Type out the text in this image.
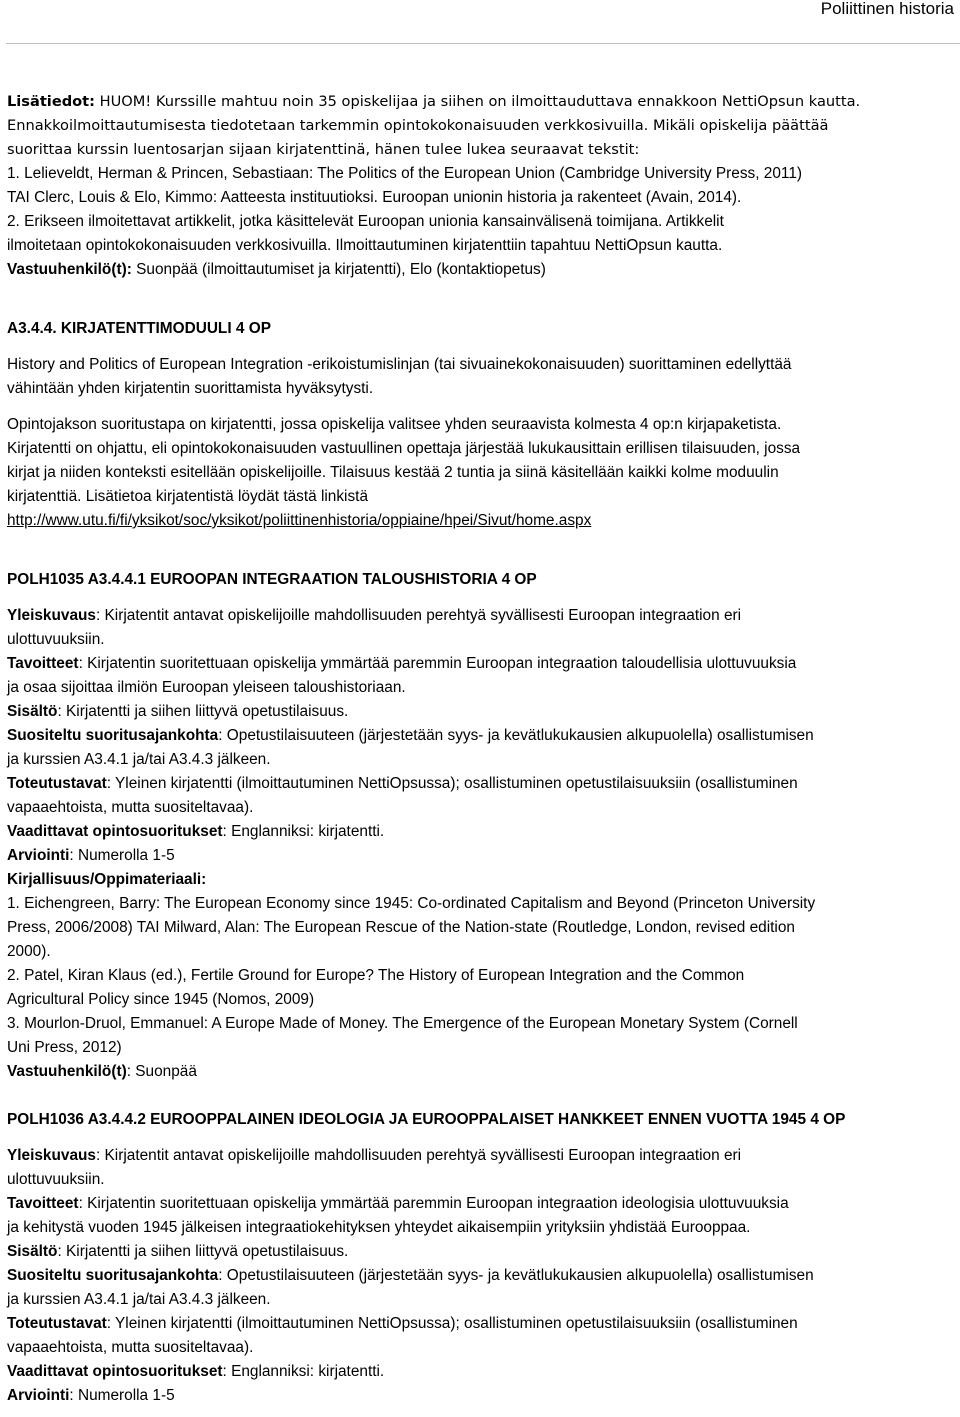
Poliittinen historia

Lisätiedot: HUOM! Kurssille mahtuu noin 35 opiskelijaa ja siihen on ilmoittauduttava ennakkoon NettiOpsun kautta.

Ennakkoilmoittautumisesta tiedotetaan tarkemmin opintokokonaisuuden verkkosivuilla. Mikäli opiskelija päättää

suorittaa kurssin luentosarjan sijaan kirjatenttinä, hänen tulee lukea seuraavat tekstit:

1. Lelieveldt, Herman & Princen, Sebastiaan: The Politics of the European Union (Cambridge University Press, 2011)

TAI Clerc, Louis & Elo, Kimmo: Aatteesta instituutioksi. Euroopan unionin historia ja rakenteet (Avain, 2014).

2. Erikseen ilmoitettavat artikkelit, jotka käsittelevät Euroopan unionia kansainvälisenä toimijana. Artikkelit

ilmoitetaan opintokokonaisuuden verkkosivuilla. Ilmoittautuminen kirjatenttiin tapahtuu NettiOpsun kautta.

Vastuuhenkilö(t): Suonpää (ilmoittautumiset ja kirjatentti), Elo (kontaktiopetus)

A3.4.4. KIRJATENTTIMODUULI 4 OP

History and Politics of European Integration -erikoistumislinjan (tai sivuainekokonaisuuden) suorittaminen edellyttää

vähintään yhden kirjatentin suorittamista hyväksytysti.

Opintojakson suoritustapa on kirjatentti, jossa opiskelija valitsee yhden seuraavista kolmesta 4 op:n kirjapaketista.

Kirjatentti on ohjattu, eli opintokokonaisuuden vastuullinen opettaja järjestää lukukausittain erillisen tilaisuuden, jossa

kirjat ja niiden konteksti esitellään opiskelijoille. Tilaisuus kestää 2 tuntia ja siinä käsitellään kaikki kolme moduulin

kirjatenttiä. Lisätietoa kirjatentistä löydät tästä linkistä

http://www.utu.fi/fi/yksikot/soc/yksikot/poliittinenhistoria/oppiaine/hpei/Sivut/home.aspx

POLH1035 A3.4.4.1 EUROOPAN INTEGRAATION TALOUSHISTORIA 4 OP

Yleiskuvaus: Kirjatentit antavat opiskelijoille mahdollisuuden perehtyä syvällisesti Euroopan integraation eri

ulottuvuuksiin.

Tavoitteet: Kirjatentin suoritettuaan opiskelija ymmärtää paremmin Euroopan integraation taloudellisia ulottuvuuksia

ja osaa sijoittaa ilmiön Euroopan yleiseen taloushistoriaan.

Sisältö: Kirjatentti ja siihen liittyvä opetustilaisuus.

Suositeltu suoritusajankohta: Opetustilaisuuteen (järjestetään syys- ja kevätlukukausien alkupuolella) osallistumisen

ja kurssien A3.4.1 ja/tai A3.4.3 jälkeen.

Toteutustavat: Yleinen kirjatentti (ilmoittautuminen NettiOpsussa); osallistuminen opetustilaisuuksiin (osallistuminen

vapaaehtoista, mutta suositeltavaa).

Vaadittavat opintosuoritukset: Englanniksi: kirjatentti.

Arviointi: Numerolla 1-5

Kirjallisuus/Oppimateriaali:

1. Eichengreen, Barry: The European Economy since 1945: Co-ordinated Capitalism and Beyond (Princeton University

Press, 2006/2008) TAI Milward, Alan: The European Rescue of the Nation-state (Routledge, London, revised edition

2000).

2. Patel, Kiran Klaus (ed.), Fertile Ground for Europe? The History of European Integration and the Common

Agricultural Policy since 1945 (Nomos, 2009)

3. Mourlon-Druol, Emmanuel: A Europe Made of Money. The Emergence of the European Monetary System (Cornell

Uni Press, 2012)

Vastuuhenkilö(t): Suonpää

POLH1036 A3.4.4.2 EUROOPPALAINEN IDEOLOGIA JA EUROOPPALAISET HANKKEET ENNEN VUOTTA 1945 4 OP

Yleiskuvaus: Kirjatentit antavat opiskelijoille mahdollisuuden perehtyä syvällisesti Euroopan integraation eri

ulottuvuuksiin.

Tavoitteet: Kirjatentin suoritettuaan opiskelija ymmärtää paremmin Euroopan integraation ideologisia ulottuvuuksia

ja kehitystä vuoden 1945 jälkeisen integraatiokehityksen yhteydet aikaisempiin yrityksiin yhdistää Eurooppaa.

Sisältö: Kirjatentti ja siihen liittyvä opetustilaisuus.

Suositeltu suoritusajankohta: Opetustilaisuuteen (järjestetään syys- ja kevätlukukausien alkupuolella) osallistumisen

ja kurssien A3.4.1 ja/tai A3.4.3 jälkeen.

Toteutustavat: Yleinen kirjatentti (ilmoittautuminen NettiOpsussa); osallistuminen opetustilaisuuksiin (osallistuminen

vapaaehtoista, mutta suositeltavaa).

Vaadittavat opintosuoritukset: Englanniksi: kirjatentti.

Arviointi: Numerolla 1-5
